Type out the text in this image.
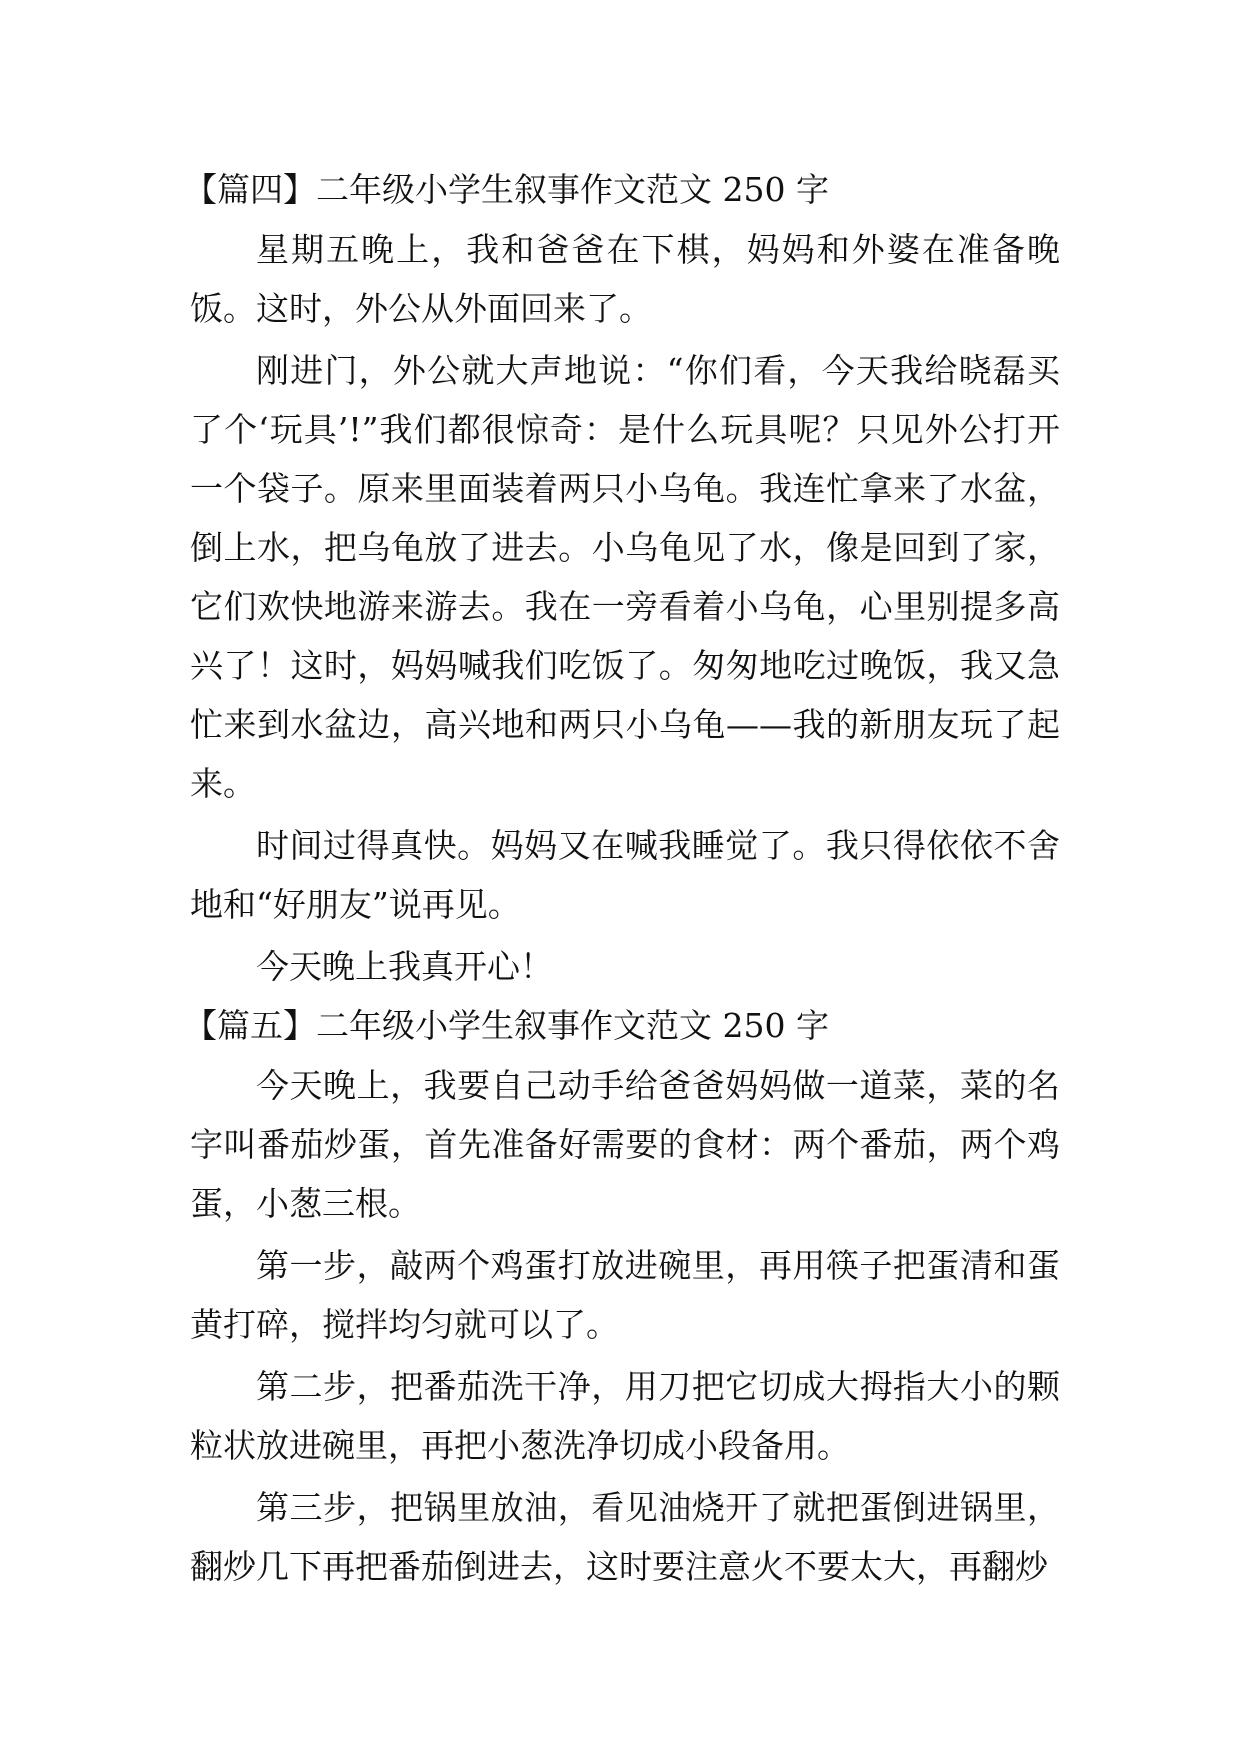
【篇四】二年级小学生叙事作文范文 250 字

星期五晚上，我和爸爸在下棋，妈妈和外婆在准备晚饭。这时，外公从外面回来了。

刚进门，外公就大声地说：“你们看，今天我给晓磊买了个‘玩具’!”我们都很惊奇：是什么玩具呢？只见外公打开一个袋子。原来里面装着两只小乌龟。我连忙拿来了水盆，倒上水，把乌龟放了进去。小乌龟见了水，像是回到了家，它们欢快地游来游去。我在一旁看着小乌龟，心里别提多高兴了！这时，妈妈喊我们吃饭了。匆匆地吃过晚饭，我又急忙来到水盆边，高兴地和两只小乌龟——我的新朋友玩了起来。

时间过得真快。妈妈又在喊我睡觉了。我只得依依不舍地和“好朋友”说再见。

今天晚上我真开心！

【篇五】二年级小学生叙事作文范文 250 字

今天晚上，我要自己动手给爸爸妈妈做一道菜，菜的名字叫番茄炒蛋，首先准备好需要的食材：两个番茄，两个鸡蛋，小葱三根。

第一步，敲两个鸡蛋打放进碗里，再用筷子把蛋清和蛋黄打碎，搅拌均匀就可以了。

第二步，把番茄洗干净，用刀把它切成大拇指大小的颗粒状放进碗里，再把小葱洗净切成小段备用。

第三步，把锅里放油，看见油烧开了就把蛋倒进锅里，翻炒几下再把番茄倒进去，这时要注意火不要太大，再翻炒
